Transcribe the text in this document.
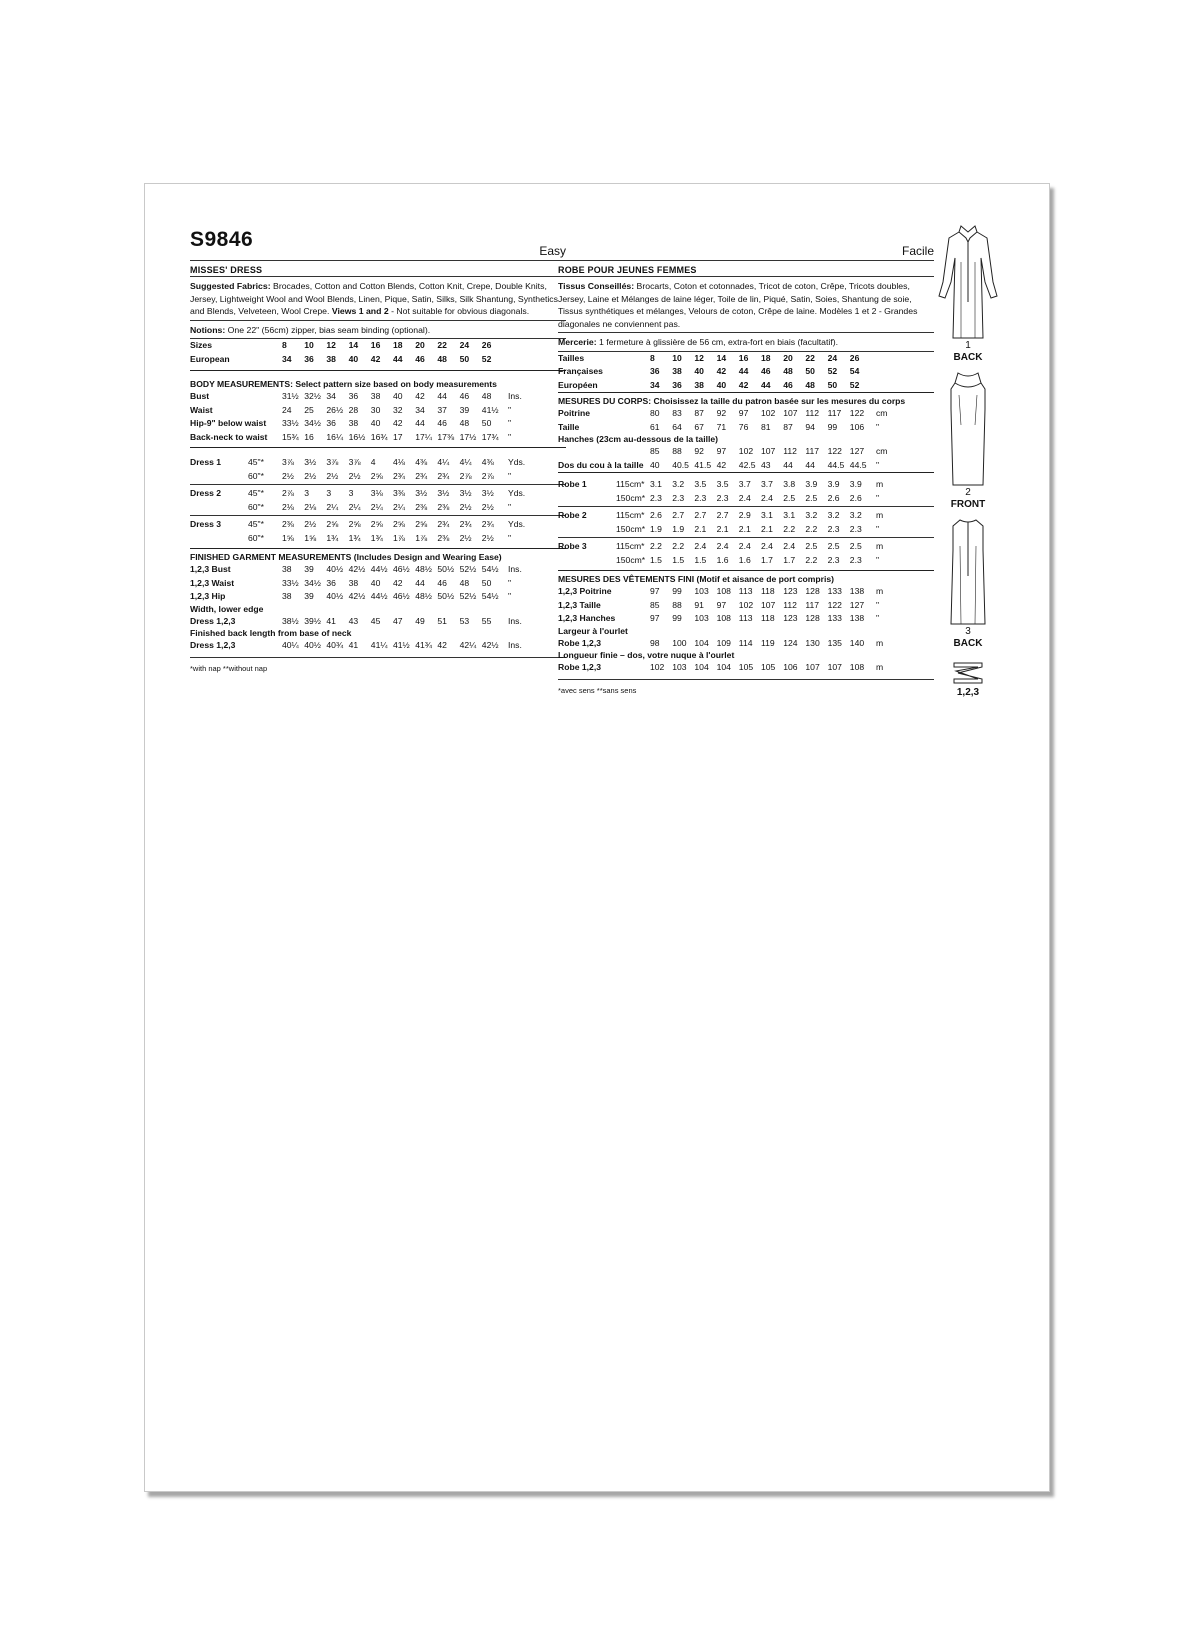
S9846	Easy
MISSES' DRESS
Suggested Fabrics: Brocades, Cotton and Cotton Blends, Cotton Knit, Crepe, Double Knits, Jersey, Lightweight Wool and Wool Blends, Linen, Pique, Satin, Silks, Silk Shantung, Synthetics and Blends, Velveteen, Wool Crepe. Views 1 and 2 - Not suitable for obvious diagonals.
Notions: One 22" (56cm) zipper, bias seam binding (optional).
Sizes	8 10 12 14 16 18 20 22 24 26
European	34 36 38 40 42 44 46 48 50 52
BODY MEASUREMENTS: Select pattern size based on body measurements
Bust	31½ 32½ 34 36 38 40 42 44 46 48 Ins.
Waist	24 25 26½ 28 30 32 34 37 39 41½ "
Hip-9" below waist 33½ 34½ 36 38 40 42 44 46 48 50 "
Back-neck to waist 15¾ 16 16¼ 16½ 16¾ 17 17¼ 17⅜ 17½ 17¾ "
Dress 1	45"* 3⅞ 3½ 3⅞ 3⅞ 4 4⅛ 4⅜ 4¼ 4¼ 4⅜ Yds.
60"* 2½ 2½ 2½ 2½ 2⅝ 2¾ 2¾ 2¾ 2⅞ 2⅞ "
Dress 2	45"* 2⅞ 3 3 3 3⅛ 3⅜ 3½ 3½ 3½ 3½ Yds.
60"* 2⅛ 2⅛ 2¼ 2¼ 2¼ 2¼ 2⅜ 2⅜ 2½ 2½ "
Dress 3	45"* 2⅜ 2½ 2⅝ 2⅝ 2⅝ 2⅝ 2⅝ 2¾ 2¾ 2¾ Yds.
60"* 1⅝ 1⅝ 1¾ 1¾ 1¾ 1⅞ 1⅞ 2⅜ 2½ 2½ "
FINISHED GARMENT MEASUREMENTS (Includes Design and Wearing Ease)
1,2,3 Bust	38 39 40½ 42½ 44½ 46½ 48½ 50½ 52½ 54½ Ins.
1,2,3 Waist	33½ 34½ 36 38 40 42 44 46 48 50 "
1,2,3 Hip	38 39 40½ 42½ 44½ 46½ 48½ 50½ 52½ 54½ "
Width, lower edge
Dress 1,2,3	38½ 39½ 41 43 45 47 49 51 53 55 Ins.
Finished back length from base of neck
Dress 1,2,3	40¼ 40½ 40¾ 41 41¼ 41½ 41¾ 42 42¼ 42½ Ins.
*with nap **without nap
Facile
ROBE POUR JEUNES FEMMES
Tissus Conseillés: Brocarts, Coton et cotonnades, Tricot de coton, Crêpe, Tricots doubles, Jersey, Laine et Mélanges de laine léger, Toile de lin, Piqué, Satin, Soies, Shantung de soie, Tissus synthétiques et mélanges, Velours de coton, Crêpe de laine. Modèles 1 et 2 - Grandes diagonales ne conviennent pas.
Mercerie: 1 fermeture à glissière de 56 cm, extra-fort en biais (facultatif).
Tailles	8 10 12 14 16 18 20 22 24 26
Françaises	36 38 40 42 44 46 48 50 52 54
Européen	34 36 38 40 42 44 46 48 50 52
MESURES DU CORPS: Choisissez la taille du patron basée sur les mesures du corps
Poitrine	80 83 87 92 97 102 107 112 117 122 cm
Taille	61 64 67 71 76 81 87 94 99 106 "
Hanches (23cm au-dessous de la taille)
85 88 92 97 102 107 112 117 122 127 cm
Dos du cou à la taille 40 40.5 41.5 42 42.5 43 44 44 44.5 44.5 "
Robe 1	115cm* 3.1 3.2 3.5 3.5 3.7 3.7 3.8 3.9 3.9 3.9 m
150cm* 2.3 2.3 2.3 2.3 2.4 2.4 2.5 2.5 2.6 2.6 "
Robe 2	115cm* 2.6 2.7 2.7 2.7 2.9 3.1 3.1 3.2 3.2 3.2 m
150cm* 1.9 1.9 2.1 2.1 2.1 2.1 2.2 2.2 2.3 2.3 "
Robe 3	115cm* 2.2 2.2 2.4 2.4 2.4 2.4 2.4 2.5 2.5 2.5 m
150cm* 1.5 1.5 1.5 1.6 1.6 1.7 1.7 2.2 2.3 2.3 "
MESURES DES VÊTEMENTS FINI (Motif et aisance de port compris)
1,2,3 Poitrine	97 99 103 108 113 118 123 128 133 138 m
1,2,3 Taille	85 88 91 97 102 107 112 117 122 127 "
1,2,3 Hanches	97 99 103 108 113 118 123 128 133 138 "
Largeur à l'ourlet
Robe 1,2,3	98 100 104 109 114 119 124 130 135 140 m
Longueur finie – dos, votre nuque à l'ourlet
Robe 1,2,3	102 103 104 104 105 105 106 107 107 108 m
*avec sens **sans sens
1
BACK
2
FRONT
3
BACK
1,2,3
